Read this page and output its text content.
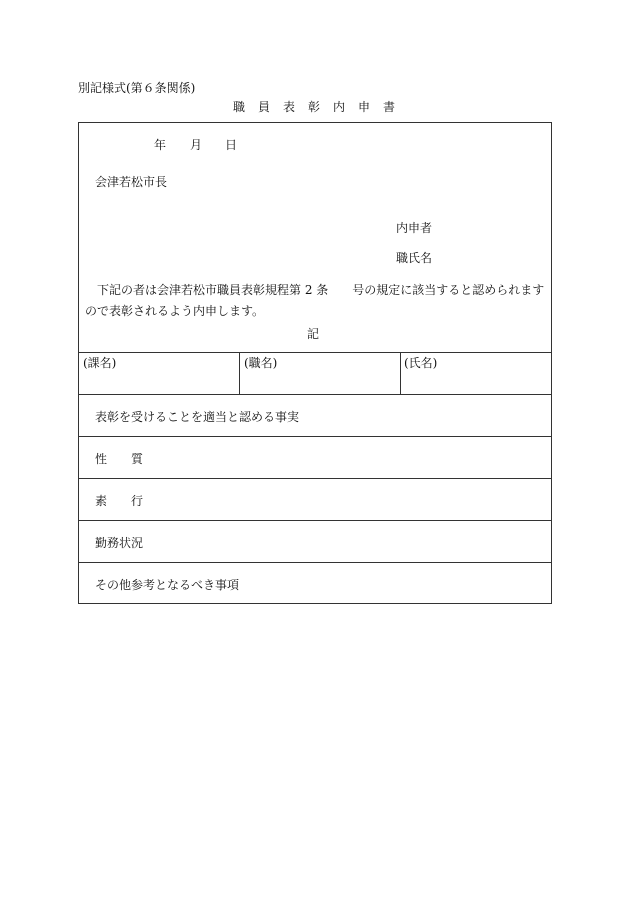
別記様式(第６条関係)
職員表彰内申書
年 月 日
会津若松市長
内申者
職氏名
下記の者は会津若松市職員表彰規程第 2 条　　号の規定に該当すると認められますので表彰されるよう内申します。
記
(課名)	(職名)	(氏名)
表彰を受けることを適当と認める事実
性　　質
素　　行
勤務状況
その他参考となるべき事項
